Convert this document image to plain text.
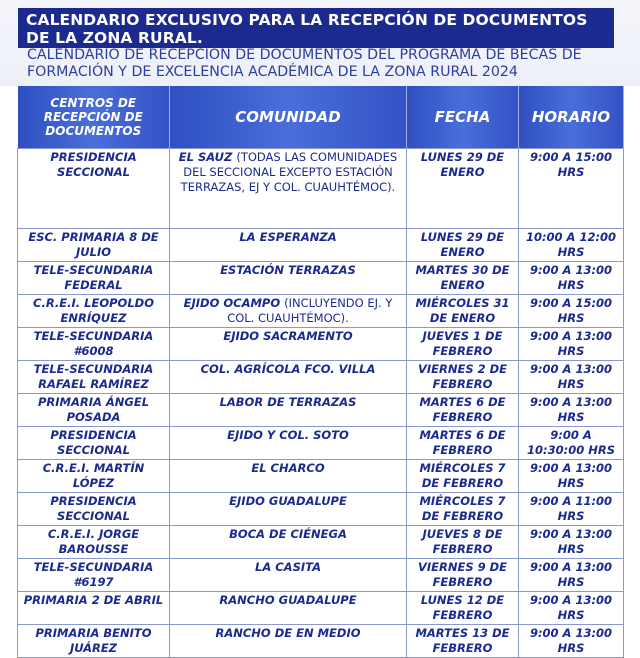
CALENDARIO EXCLUSIVO PARA LA RECEPCIÓN DE DOCUMENTOS DE LA ZONA RURAL.
CALENDARIO DE RECEPCIÓN DE DOCUMENTOS DEL PROGRAMA DE BECAS DE FORMACIÓN Y DE EXCELENCIA ACADÉMICA DE LA ZONA RURAL 2024
CENTROS DE RECEPCIÓN DE DOCUMENTOS	COMUNIDAD	FECHA	HORARIO
PRESIDENCIA SECCIONAL	EL SAUZ (TODAS LAS COMUNIDADES DEL SECCIONAL EXCEPTO ESTACIÓN TERRAZAS, EJ Y COL. CUAUHTÉMOC).	LUNES 29 DE ENERO	9:00 A 15:00 HRS
ESC. PRIMARIA 8 DE JULIO	LA ESPERANZA	LUNES 29 DE ENERO	10:00 A 12:00 HRS
TELE-SECUNDARIA FEDERAL	ESTACIÓN TERRAZAS	MARTES 30 DE ENERO	9:00 A 13:00 HRS
C.R.E.I. LEOPOLDO ENRÍQUEZ	EJIDO OCAMPO (INCLUYENDO EJ. Y COL. CUAUHTÉMOC).	MIÉRCOLES 31 DE ENERO	9:00 A 15:00 HRS
TELE-SECUNDARIA #6008	EJIDO SACRAMENTO	JUEVES 1 DE FEBRERO	9:00 A 13:00 HRS
TELE-SECUNDARIA RAFAEL RAMÍREZ	COL. AGRÍCOLA FCO. VILLA	VIERNES 2 DE FEBRERO	9:00 A 13:00 HRS
PRIMARIA ÁNGEL POSADA	LABOR DE TERRAZAS	MARTES 6 DE FEBRERO	9:00 A 13:00 HRS
PRESIDENCIA SECCIONAL	EJIDO Y COL. SOTO	MARTES 6 DE FEBRERO	9:00 A 10:30:00 HRS
C.R.E.I. MARTÍN LÓPEZ	EL CHARCO	MIÉRCOLES 7 DE FEBRERO	9:00 A 13:00 HRS
PRESIDENCIA SECCIONAL	EJIDO GUADALUPE	MIÉRCOLES 7 DE FEBRERO	9:00 A 11:00 HRS
C.R.E.I. JORGE BAROUSSE	BOCA DE CIÉNEGA	JUEVES 8 DE FEBRERO	9:00 A 13:00 HRS
TELE-SECUNDARIA #6197	LA CASITA	VIERNES 9 DE FEBRERO	9:00 A 13:00 HRS
PRIMARIA 2 DE ABRIL	RANCHO GUADALUPE	LUNES 12 DE FEBRERO	9:00 A 13:00 HRS
PRIMARIA BENITO JUÁREZ	RANCHO DE EN MEDIO	MARTES 13 DE FEBRERO	9:00 A 13:00 HRS
